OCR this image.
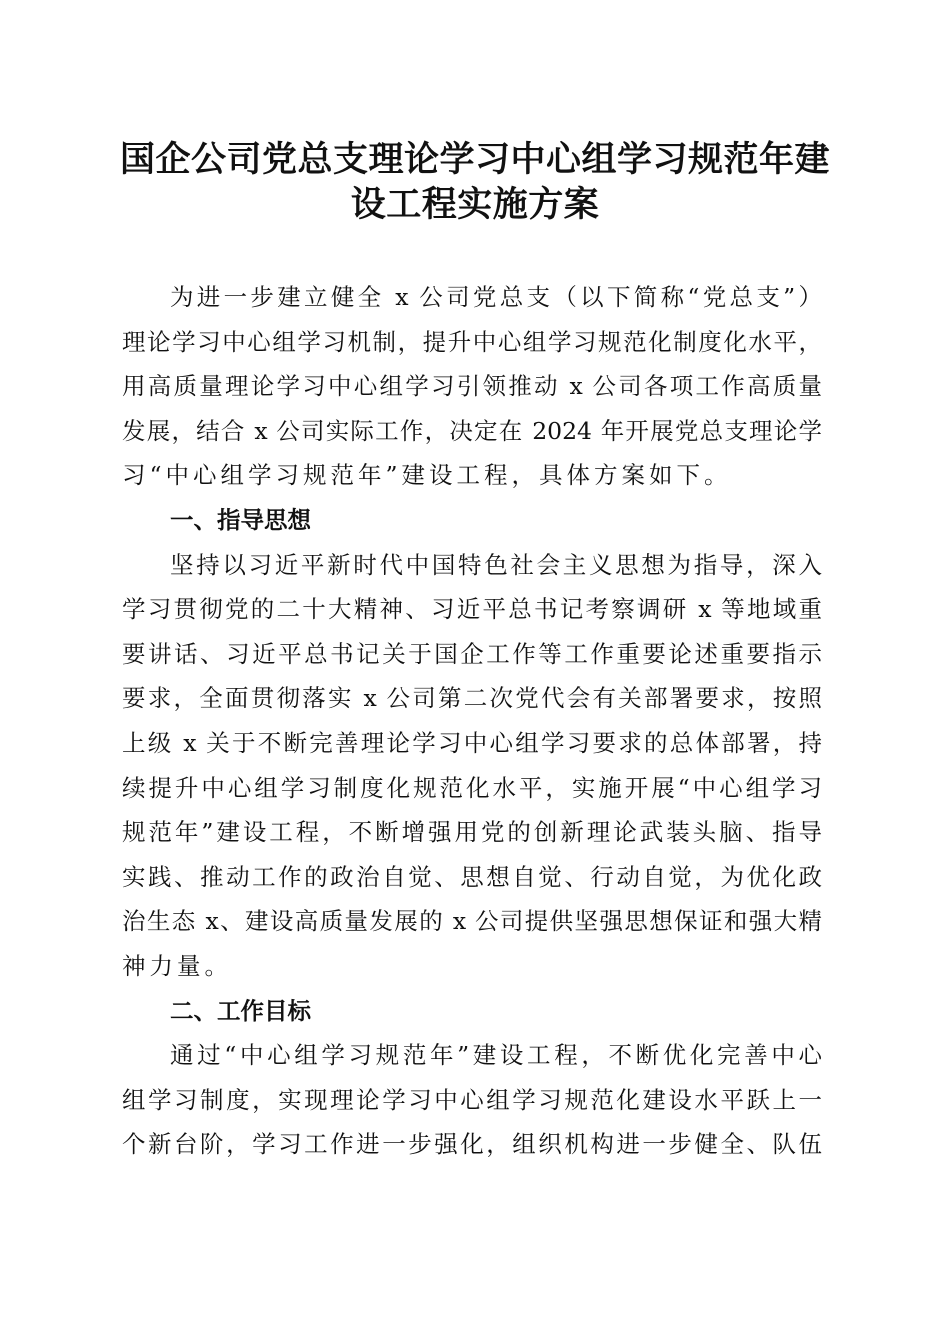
国企公司党总支理论学习中心组学习规范年建
设工程实施方案
为进一步建立健全 x 公司党总支（以下简称“党总支”）
理论学习中心组学习机制，提升中心组学习规范化制度化水平，
用高质量理论学习中心组学习引领推动 x 公司各项工作高质量
发展，结合 x 公司实际工作，决定在 2024 年开展党总支理论学
习“中心组学习规范年”建设工程，具体方案如下。
一、指导思想
坚持以习近平新时代中国特色社会主义思想为指导，深入
学习贯彻党的二十大精神、习近平总书记考察调研 x 等地域重
要讲话、习近平总书记关于国企工作等工作重要论述重要指示
要求，全面贯彻落实 x 公司第二次党代会有关部署要求，按照
上级 x 关于不断完善理论学习中心组学习要求的总体部署，持
续提升中心组学习制度化规范化水平，实施开展“中心组学习
规范年”建设工程，不断增强用党的创新理论武装头脑、指导
实践、推动工作的政治自觉、思想自觉、行动自觉，为优化政
治生态 x、建设高质量发展的 x 公司提供坚强思想保证和强大精
神力量。
二、工作目标
通过“中心组学习规范年”建设工程，不断优化完善中心
组学习制度，实现理论学习中心组学习规范化建设水平跃上一
个新台阶，学习工作进一步强化，组织机构进一步健全、队伍
